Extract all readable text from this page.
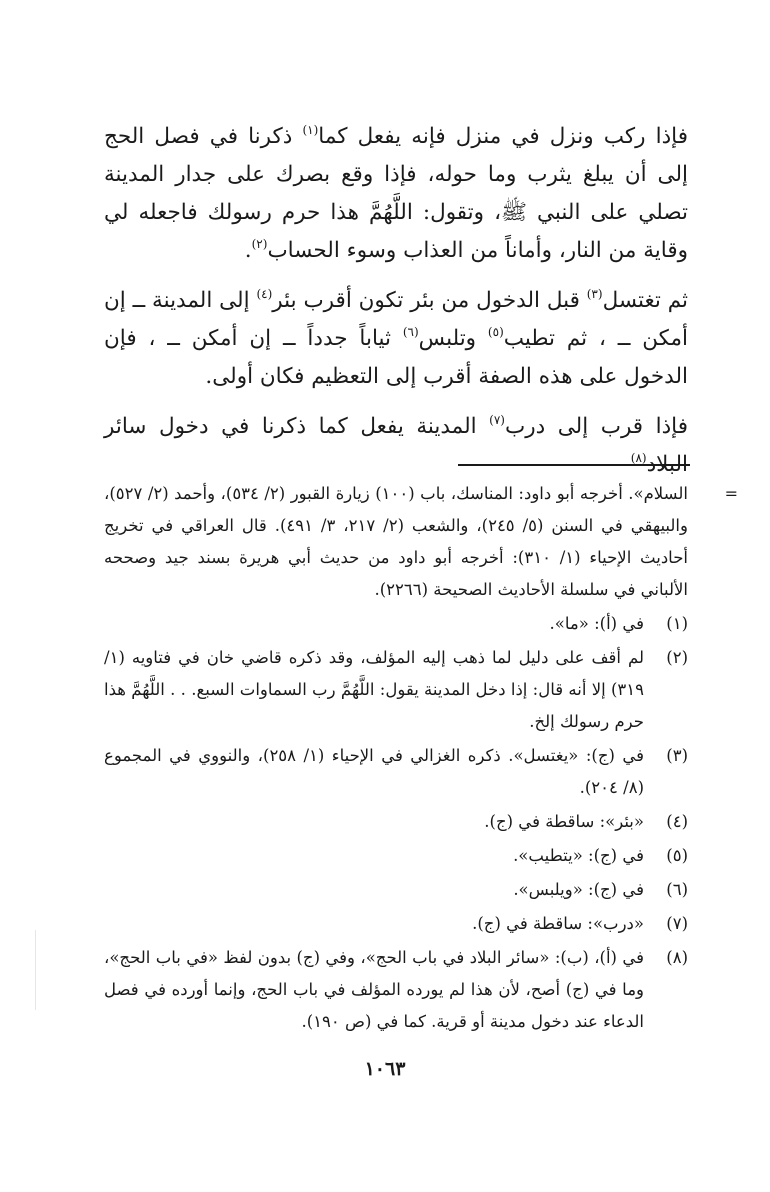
فإذا ركب ونزل في منزل فإنه يفعل كما$^{(١)}$ ذكرنا في فصل الحج إلى أن يبلغ يثرب وما حوله، فإذا وقع بصرك على جدار المدينة تصلي على النبي ﷺ، وتقول: اللَّهُمَّ هذا حرم رسولك فاجعله لي وقاية من النار، وأماناً من العذاب وسوء الحساب$^{(٢)}$.

ثم تغتسل$^{(٣)}$ قبل الدخول من بئر تكون أقرب بئر$^{(٤)}$ إلى المدينة ــ إن أمكن ــ ، ثم تطيب$^{(٥)}$ وتلبس$^{(٦)}$ ثياباً جدداً ــ إن أمكن ــ ، فإن الدخول على هذه الصفة أقرب إلى التعظيم فكان أولى.

فإذا قرب إلى درب$^{(٧)}$ المدينة يفعل كما ذكرنا في دخول سائر البلاد$^{(٨)}$

=
السلام». أخرجه أبو داود: المناسك، باب (١٠٠) زيارة القبور (٢/ ٥٣٤)، وأحمد (٢/ ٥٢٧)، والبيهقي في السنن (٥/ ٢٤٥)، والشعب (٢/ ٢١٧، ٣/ ٤٩١). قال العراقي في تخريج أحاديث الإحياء (١/ ٣١٠): أخرجه أبو داود من حديث أبي هريرة بسند جيد وصححه الألباني في سلسلة الأحاديث الصحيحة (٢٢٦٦).
(١)
في (أ): «ما».
(٢)
لم أقف على دليل لما ذهب إليه المؤلف، وقد ذكره قاضي خان في فتاويه (١/ ٣١٩) إلا أنه قال: إذا دخل المدينة يقول: اللَّهُمَّ رب السماوات السبع. . . اللَّهُمَّ هذا حرم رسولك إلخ.
(٣)
في (ج): «يغتسل». ذكره الغزالي في الإحياء (١/ ٢٥٨)، والنووي في المجموع (٨/ ٢٠٤).
(٤)
«بئر»: ساقطة في (ج).
(٥)
في (ج): «يتطيب».
(٦)
في (ج): «ويلبس».
(٧)
«درب»: ساقطة في (ج).
(٨)
في (أ)، (ب): «سائر البلاد في باب الحج»، وفي (ج) بدون لفظ «في باب الحج»، وما في (ج) أصح، لأن هذا لم يورده المؤلف في باب الحج، وإنما أورده في فصل الدعاء عند دخول مدينة أو قرية. كما في (ص ١٩٠).
١٠٦٣
